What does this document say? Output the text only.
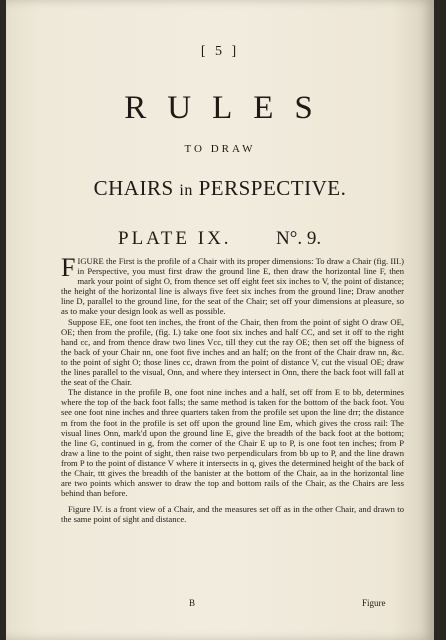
[ 5 ]
RULES
TO DRAW
CHAIRS in PERSPECTIVE.
PLATE IX. N°. 9.

FIGURE the First is the profile of a Chair with its proper dimensions: To draw a Chair (fig. III.) in Perspective, you must first draw the ground line E, then draw the horizontal line F, then mark your point of sight O, from thence set off eight feet six inches to V, the point of distance; the height of the horizontal line is always five feet six inches from the ground line; Draw another line D, parallel to the ground line, for the seat of the Chair; set off your dimensions at pleasure, so as to make your design look as well as possible.

Suppose EE, one foot ten inches, the front of the Chair, then from the point of sight O draw OE, OE; then from the profile, (fig. I.) take one foot six inches and half CC, and set it off to the right hand cc, and from thence draw two lines Vcc, till they cut the ray OE; then set off the bigness of the back of your Chair nn, one foot five inches and an half; on the front of the Chair draw nn, &c. to the point of sight O; those lines cc, drawn from the point of distance V, cut the visual OE; draw the lines parallel to the visual, Onn, and where they intersect in Onn, there the back foot will fall at the seat of the Chair.

The distance in the profile B, one foot nine inches and a half, set off from E to bb, determines where the top of the back foot falls; the same method is taken for the bottom of the back foot. You see one foot nine inches and three quarters taken from the profile set upon the line drr; the distance m from the foot in the profile is set off upon the ground line Em, which gives the cross rail: The visual lines Onn, mark'd upon the ground line E, give the breadth of the back foot at the bottom; the line G, continued in g, from the corner of the Chair E up to P, is one foot ten inches; from P draw a line to the point of sight, then raise two perpendiculars from bb up to P, and the line drawn from P to the point of distance V where it intersects in q, gives the determined height of the back of the Chair, ttt gives the breadth of the banister at the bottom of the Chair, aa in the horizontal line are two points which answer to draw the top and bottom rails of the Chair, as the Chairs are less behind than before.

Figure IV. is a front view of a Chair, and the measures set off as in the other Chair, and drawn to the same point of sight and distance.

B	Figure
